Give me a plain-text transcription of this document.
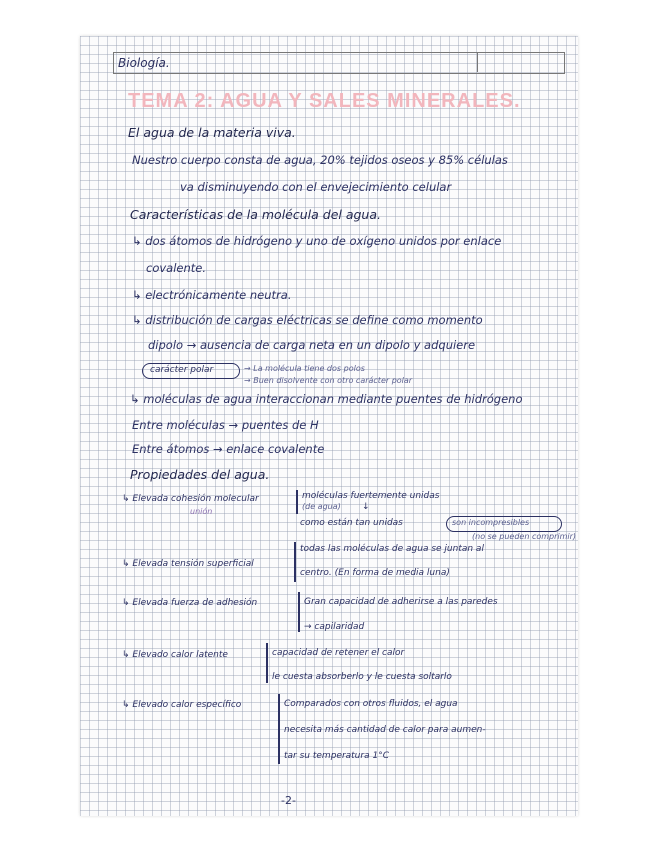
Biología.
TEMA 2: AGUA Y SALES MINERALES.
El agua de la materia viva.
Nuestro cuerpo consta de agua, 20% tejidos oseos y 85% células
va disminuyendo con el envejecimiento celular
Características de la molécula del agua.
↳ dos átomos de hidrógeno y uno de oxígeno unidos por enlace
covalente.
↳ electrónicamente neutra.
↳ distribución de cargas eléctricas se define como momento
dipolo → ausencia de carga neta en un dipolo y adquiere
carácter polar	→ La molécula tiene dos polos
→ Buen disolvente con otro carácter polar
↳ moléculas de agua interaccionan mediante puentes de hidrógeno
Entre moléculas → puentes de H
Entre átomos → enlace covalente
Propiedades del agua.
↳ Elevada cohesión molecular
unión
moléculas fuertemente unidas
(de agua) ↓
como están tan unidas	son incompresibles
(no se pueden comprimir)
↳ Elevada tensión superficial
todas las moléculas de agua se juntan al
centro. (En forma de media luna)
↳ Elevada fuerza de adhesión	Gran capacidad de adherirse a las paredes
→ capilaridad
↳ Elevado calor latente	capacidad de retener el calor
le cuesta absorberlo y le cuesta soltarlo
↳ Elevado calor específico	Comparados con otros fluidos, el agua
necesita más cantidad de calor para aumen-
tar su temperatura 1°C
-2-
